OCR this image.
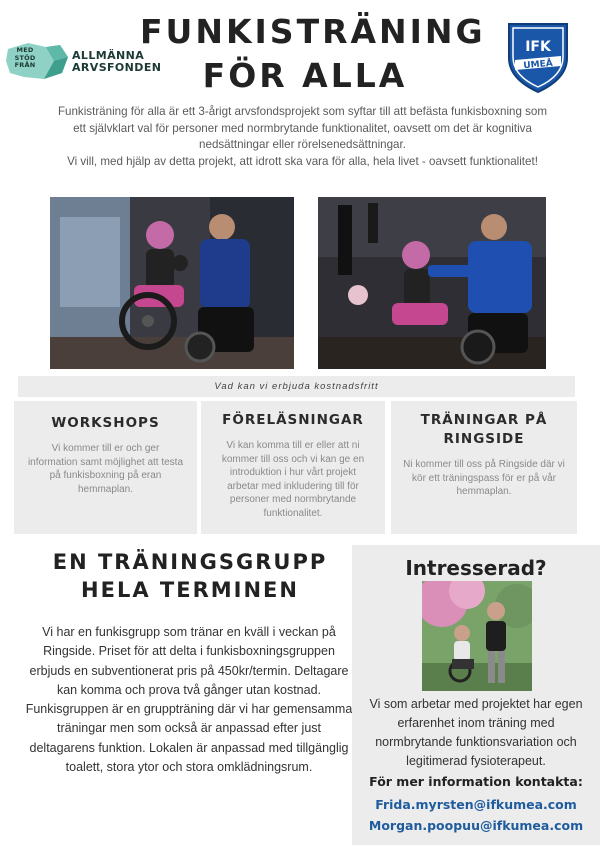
MED STÖD FRÅN
ALLMÄNNA
ARVSFONDEN
FUNKISTRÄNING
FÖR ALLA
IFK
UMEÅ
Funkisträning för alla är ett 3-årigt arvsfondsprojekt som syftar till att befästa funkisboxning som
ett självklart val för personer med normbrytande funktionalitet, oavsett om det är kognitiva
nedsättningar eller rörelsenedsättningar.
Vi vill, med hjälp av detta projekt, att idrott ska vara för alla, hela livet - oavsett funktionalitet!
Vad kan vi erbjuda kostnadsfritt
WORKSHOPS

Vi kommer till er och ger information samt möjlighet att testa på funkisboxning på eran hemmaplan.

FÖRELÄSNINGAR

Vi kan komma till er eller att ni kommer till oss och vi kan ge en introduktion i hur vårt projekt arbetar med inkludering till för personer med normbrytande funktionalitet.

TRÄNINGAR PÅ RINGSIDE

Ni kommer till oss på Ringside där vi kör ett träningspass för er på vår hemmaplan.

EN TRÄNINGSGRUPP HELA TERMINEN

Vi har en funkisgrupp som tränar en kväll i veckan på Ringside. Priset för att delta i funkisboxningsgruppen erbjuds en subventionerat pris på 450kr/termin. Deltagare kan komma och prova två gånger utan kostnad. Funkisgruppen är en gruppträning där vi har gemensamma träningar men som också är anpassad efter just deltagarens funktion. Lokalen är anpassad med tillgänglig toalett, stora ytor och stora omklädningsrum.

Intresserad?

Vi som arbetar med projektet har egen erfarenhet inom träning med normbrytande funktionsvariation och legitimerad fysioterapeut.

För mer information kontakta:
Frida.myrsten@ifkumea.com
Morgan.poopuu@ifkumea.com
